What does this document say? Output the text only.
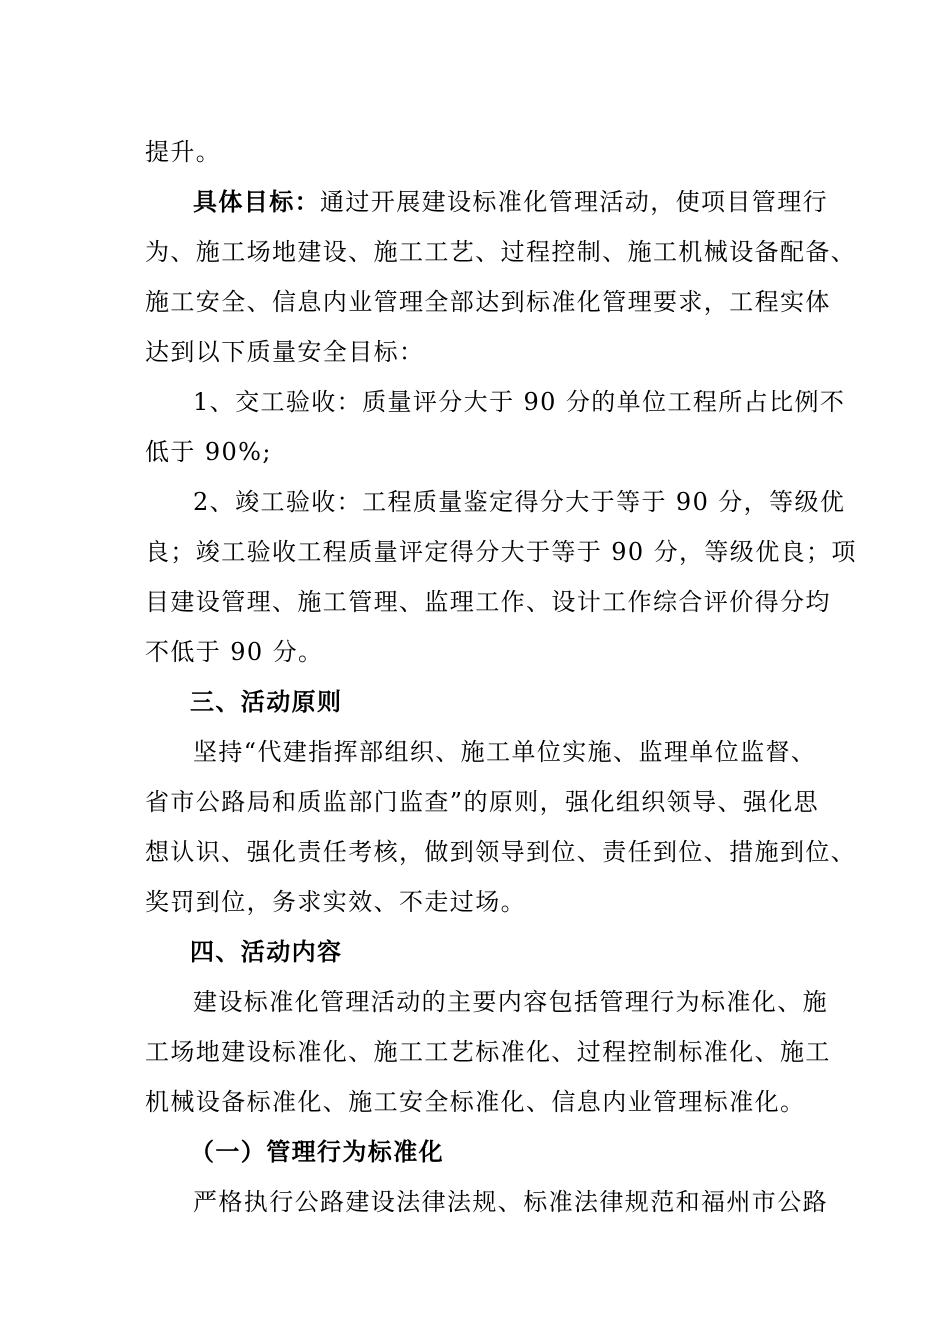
提升。
具体目标：通过开展建设标准化管理活动，使项目管理行
为、施工场地建设、施工工艺、过程控制、施工机械设备配备、
施工安全、信息内业管理全部达到标准化管理要求，工程实体
达到以下质量安全目标：
1、交工验收：质量评分大于 90 分的单位工程所占比例不
低于 90%;
2、竣工验收：工程质量鉴定得分大于等于 90 分，等级优
良；竣工验收工程质量评定得分大于等于 90 分，等级优良；项
目建设管理、施工管理、监理工作、设计工作综合评价得分均
不低于 90 分。
三、活动原则
坚持“代建指挥部组织、施工单位实施、监理单位监督、
省市公路局和质监部门监查”的原则，强化组织领导、强化思
想认识、强化责任考核，做到领导到位、责任到位、措施到位、
奖罚到位，务求实效、不走过场。
四、活动内容
建设标准化管理活动的主要内容包括管理行为标准化、施
工场地建设标准化、施工工艺标准化、过程控制标准化、施工
机械设备标准化、施工安全标准化、信息内业管理标准化。
（一）管理行为标准化
严格执行公路建设法律法规、标准法律规范和福州市公路
